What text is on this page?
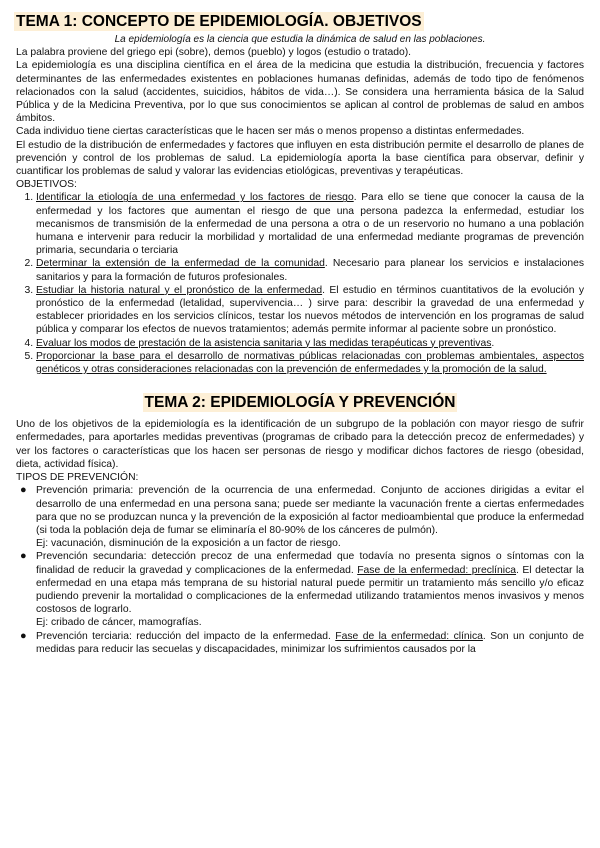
TEMA 1: CONCEPTO DE EPIDEMIOLOGÍA. OBJETIVOS

La epidemiología es la ciencia que estudia la dinámica de salud en las poblaciones.

La palabra proviene del griego epi (sobre), demos (pueblo) y logos (estudio o tratado).

La epidemiología es una disciplina científica en el área de la medicina que estudia la distribución, frecuencia y factores determinantes de las enfermedades existentes en poblaciones humanas definidas, además de todo tipo de fenómenos relacionados con la salud (accidentes, suicidios, hábitos de vida…). Se considera una herramienta básica de la Salud Pública y de la Medicina Preventiva, por lo que sus conocimientos se aplican al control de problemas de salud en ambos ámbitos.

Cada individuo tiene ciertas características que le hacen ser más o menos propenso a distintas enfermedades.

El estudio de la distribución de enfermedades y factores que influyen en esta distribución permite el desarrollo de planes de prevención y control de los problemas de salud. La epidemiología aporta la base científica para observar, definir y cuantificar los problemas de salud y valorar las evidencias etiológicas, preventivas y terapéuticas.

OBJETIVOS:

1. Identificar la etiología de una enfermedad y los factores de riesgo. Para ello se tiene que conocer la causa de la enfermedad y los factores que aumentan el riesgo de que una persona padezca la enfermedad, estudiar los mecanismos de transmisión de la enfermedad de una persona a otra o de un reservorio no humano a una población humana e intervenir para reducir la morbilidad y mortalidad de una enfermedad mediante programas de prevención primaria, secundaria o terciaria
2. Determinar la extensión de la enfermedad de la comunidad. Necesario para planear los servicios e instalaciones sanitarios y para la formación de futuros profesionales.
3. Estudiar la historia natural y el pronóstico de la enfermedad. El estudio en términos cuantitativos de la evolución y pronóstico de la enfermedad (letalidad, supervivencia… ) sirve para: describir la gravedad de una enfermedad y establecer prioridades en los servicios clínicos, testar los nuevos métodos de intervención en los programas de salud pública y comparar los efectos de nuevos tratamientos; además permite informar al paciente sobre un pronóstico.
4. Evaluar los modos de prestación de la asistencia sanitaria y las medidas terapéuticas y preventivas.
5. Proporcionar la base para el desarrollo de normativas públicas relacionadas con problemas ambientales, aspectos genéticos y otras consideraciones relacionadas con la prevención de enfermedades y la promoción de la salud.
TEMA 2: EPIDEMIOLOGÍA Y PREVENCIÓN

Uno de los objetivos de la epidemiología es la identificación de un subgrupo de la población con mayor riesgo de sufrir enfermedades, para aportarles medidas preventivas (programas de cribado para la detección precoz de enfermedades) y ver los factores o características que los hacen ser personas de riesgo y modificar dichos factores de riesgo (obesidad, dieta, actividad física).

TIPOS DE PREVENCIÓN:

● Prevención primaria: prevención de la ocurrencia de una enfermedad. Conjunto de acciones dirigidas a evitar el desarrollo de una enfermedad en una persona sana; puede ser mediante la vacunación frente a ciertas enfermedades para que no se produzcan nunca y la prevención de la exposición al factor medioambiental que produce la enfermedad (si toda la población deja de fumar se eliminaría el 80-90% de los cánceres de pulmón).

Ej: vacunación, disminución de la exposición a un factor de riesgo.

● Prevención secundaria: detección precoz de una enfermedad que todavía no presenta signos o síntomas con la finalidad de reducir la gravedad y complicaciones de la enfermedad. Fase de la enfermedad: preclínica. El detectar la enfermedad en una etapa más temprana de su historial natural puede permitir un tratamiento más sencillo y/o eficaz pudiendo prevenir la mortalidad o complicaciones de la enfermedad utilizando tratamientos menos invasivos y menos costosos de lograrlo.

Ej: cribado de cáncer, mamografías.

● Prevención terciaria: reducción del impacto de la enfermedad. Fase de la enfermedad: clínica. Son un conjunto de medidas para reducir las secuelas y discapacidades, minimizar los sufrimientos causados por la
